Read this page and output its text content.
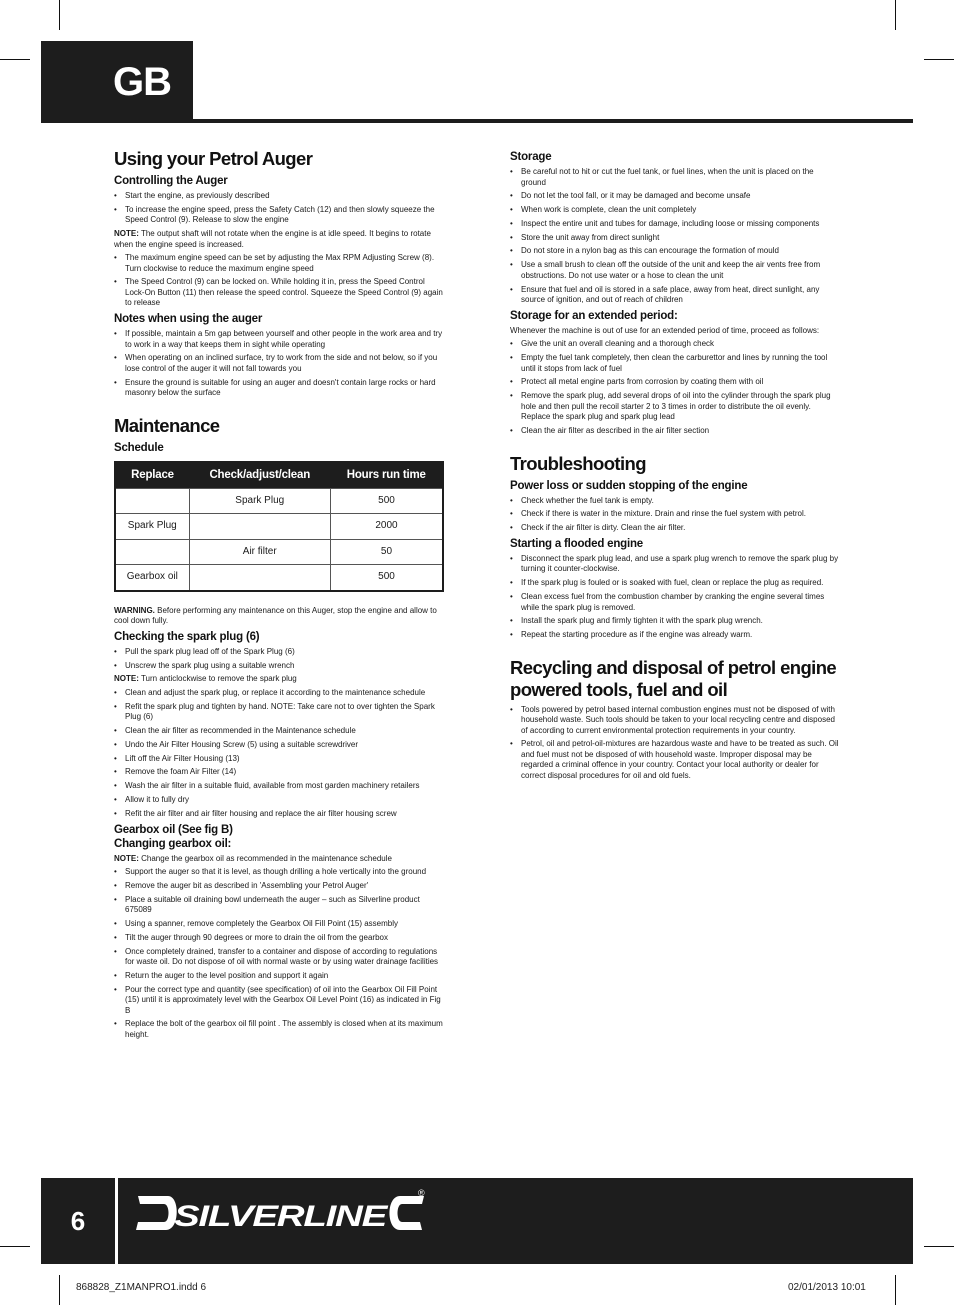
GB
Using your Petrol Auger
Controlling the Auger
• Start the engine, as previously described
• To increase the engine speed, press the Safety Catch (12) and then slowly squeeze the Speed Control (9). Release to slow the engine

NOTE: The output shaft will not rotate when the engine is at idle speed. It begins to rotate when the engine speed is increased.

• The maximum engine speed can be set by adjusting the Max RPM Adjusting Screw (8). Turn clockwise to reduce the maximum engine speed
• The Speed Control (9) can be locked on. While holding it in, press the Speed Control Lock-On Button (11) then release the speed control. Squeeze the Speed Control (9) again to release
Notes when using the auger
• If possible, maintain a 5m gap between yourself and other people in the work area and try to work in a way that keeps them in sight while operating
• When operating on an inclined surface, try to work from the side and not below, so if you lose control of the auger it will not fall towards you
• Ensure the ground is suitable for using an auger and doesn't contain large rocks or hard masonry below the surface
Maintenance
Schedule
Replace	Check/adjust/clean	Hours run time
	Spark Plug	500
Spark Plug		2000
	Air filter	50
Gearbox oil		500

WARNING. Before performing any maintenance on this Auger, stop the engine and allow to cool down fully.

Checking the spark plug (6)
• Pull the spark plug lead off of the Spark Plug (6)
• Unscrew the spark plug using a suitable wrench

NOTE: Turn anticlockwise to remove the spark plug

• Clean and adjust the spark plug, or replace it according to the maintenance schedule
• Refit the spark plug and tighten by hand. NOTE: Take care not to over tighten the Spark Plug (6)
• Clean the air filter as recommended in the Maintenance schedule
• Undo the Air Filter Housing Screw (5) using a suitable screwdriver
• Lift off the Air Filter Housing (13)
• Remove the foam Air Filter (14)
• Wash the air filter in a suitable fluid, available from most garden machinery retailers
• Allow it to fully dry
• Refit the air filter and air filter housing and replace the air filter housing screw
Gearbox oil (See fig B)
Changing gearbox oil:

NOTE: Change the gearbox oil as recommended in the maintenance schedule

• Support the auger so that it is level, as though drilling a hole vertically into the ground
• Remove the auger bit as described in 'Assembling your Petrol Auger'
• Place a suitable oil draining bowl underneath the auger – such as Silverline product 675089
• Using a spanner, remove completely the Gearbox Oil Fill Point (15) assembly
• Tilt the auger through 90 degrees or more to drain the oil from the gearbox
• Once completely drained, transfer to a container and dispose of according to regulations for waste oil. Do not dispose of oil with normal waste or by using water drainage facilities
• Return the auger to the level position and support it again
• Pour the correct type and quantity (see specification) of oil into the Gearbox Oil Fill Point (15) until it is approximately level with the Gearbox Oil Level Point (16) as indicated in Fig B
• Replace the bolt of the gearbox oil fill point . The assembly is closed when at its maximum height.
Storage
• Be careful not to hit or cut the fuel tank, or fuel lines, when the unit is placed on the ground
• Do not let the tool fall, or it may be damaged and become unsafe
• When work is complete, clean the unit completely
• Inspect the entire unit and tubes for damage, including loose or missing components
• Store the unit away from direct sunlight
• Do not store in a nylon bag as this can encourage the formation of mould
• Use a small brush to clean off the outside of the unit and keep the air vents free from obstructions. Do not use water or a hose to clean the unit
• Ensure that fuel and oil is stored in a safe place, away from heat, direct sunlight, any source of ignition, and out of reach of children
Storage for an extended period:

Whenever the machine is out of use for an extended period of time, proceed as follows:

• Give the unit an overall cleaning and a thorough check
• Empty the fuel tank completely, then clean the carburettor and lines by running the tool until it stops from lack of fuel
• Protect all metal engine parts from corrosion by coating them with oil
• Remove the spark plug, add several drops of oil into the cylinder through the spark plug hole and then pull the recoil starter 2 to 3 times in order to distribute the oil evenly. Replace the spark plug and spark plug lead
• Clean the air filter as described in the air filter section
Troubleshooting
Power loss or sudden stopping of the engine
• Check whether the fuel tank is empty.
• Check if there is water in the mixture. Drain and rinse the fuel system with petrol.
• Check if the air filter is dirty. Clean the air filter.
Starting a flooded engine
• Disconnect the spark plug lead, and use a spark plug wrench to remove the spark plug by turning it counter-clockwise.
• If the spark plug is fouled or is soaked with fuel, clean or replace the plug as required.
• Clean excess fuel from the combustion chamber by cranking the engine several times while the spark plug is removed.
• Install the spark plug and firmly tighten it with the spark plug wrench.
• Repeat the starting procedure as if the engine was already warm.
Recycling and disposal of petrol engine powered tools, fuel and oil
• Tools powered by petrol based internal combustion engines must not be disposed of with household waste. Such tools should be taken to your local recycling centre and disposed of according to current environmental protection requirements in your country.
• Petrol, oil and petrol-oil-mixtures are hazardous waste and have to be treated as such. Oil and fuel must not be disposed of with household waste. Improper disposal may be regarded a criminal offence in your country. Contact your local authority or dealer for correct disposal procedures for oil and old fuels.
6	SILVERLINE
®
868828_Z1MANPRO1.indd 6	02/01/2013 10:01
